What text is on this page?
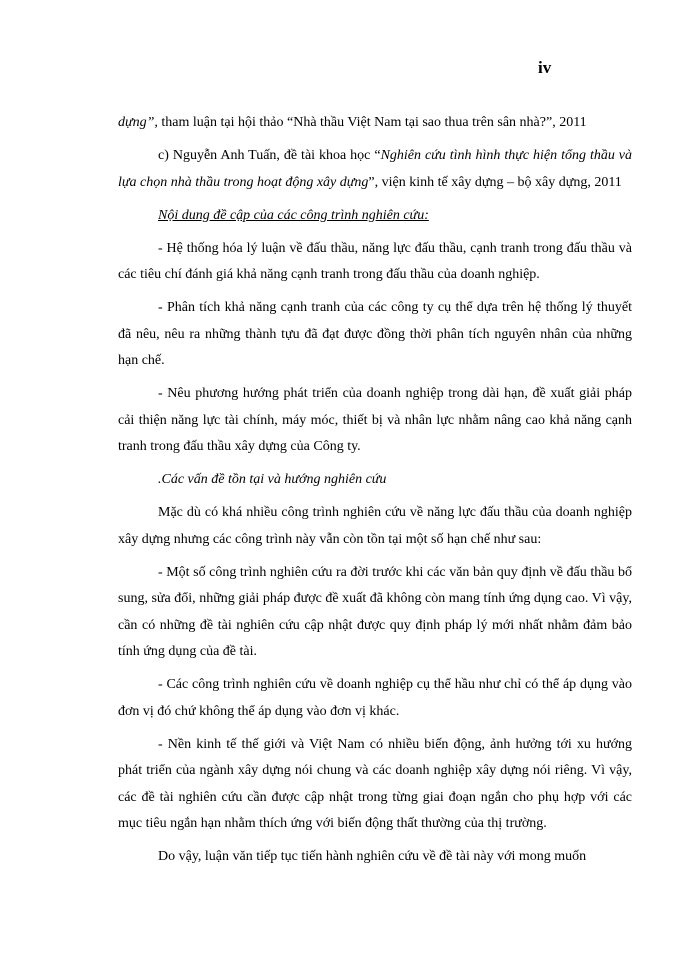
iv

dựng”, tham luận tại hội thảo “Nhà thầu Việt Nam tại sao thua trên sân nhà?”, 2011

c) Nguyễn Anh Tuấn, đề tài khoa học “Nghiên cứu tình hình thực hiện tổng thầu và lựa chọn nhà thầu trong hoạt động xây dựng”, viện kinh tế xây dựng – bộ xây dựng, 2011

Nội dung đề cập của các công trình nghiên cứu:

- Hệ thống hóa lý luận về đấu thầu, năng lực đấu thầu, cạnh tranh trong đấu thầu và các tiêu chí đánh giá khả năng cạnh tranh trong đấu thầu của doanh nghiệp.

- Phân tích khả năng cạnh tranh của các công ty cụ thể dựa trên hệ thống lý thuyết đã nêu, nêu ra những thành tựu đã đạt được đồng thời phân tích nguyên nhân của những hạn chế.

- Nêu phương hướng phát triển của doanh nghiệp trong dài hạn, đề xuất giải pháp cải thiện năng lực tài chính, máy móc, thiết bị và nhân lực nhằm nâng cao khả năng cạnh tranh trong đấu thầu xây dựng của Công ty.

.Các vấn đề tồn tại và hướng nghiên cứu

Mặc dù có khá nhiều công trình nghiên cứu về năng lực đấu thầu của doanh nghiệp xây dựng nhưng các công trình này vẫn còn tồn tại một số hạn chế như sau:

- Một số công trình nghiên cứu ra đời trước khi các văn bản quy định về đấu thầu bổ sung, sửa đổi, những giải pháp được đề xuất đã không còn mang tính ứng dụng cao. Vì vậy, cần có những đề tài nghiên cứu cập nhật được quy định pháp lý mới nhất nhằm đảm bảo tính ứng dụng của đề tài.

- Các công trình nghiên cứu về doanh nghiệp cụ thể hầu như chỉ có thể áp dụng vào đơn vị đó chứ không thể áp dụng vào đơn vị khác.

- Nền kinh tế thế giới và Việt Nam có nhiều biến động, ảnh hưởng tới xu hướng phát triển của ngành xây dựng nói chung và các doanh nghiệp xây dựng nói riêng. Vì vậy, các đề tài nghiên cứu cần được cập nhật trong từng giai đoạn ngắn cho phụ hợp với các mục tiêu ngắn hạn nhằm thích ứng với biến động thất thường của thị trường.

Do vậy, luận văn tiếp tục tiến hành nghiên cứu về đề tài này với mong muốn
